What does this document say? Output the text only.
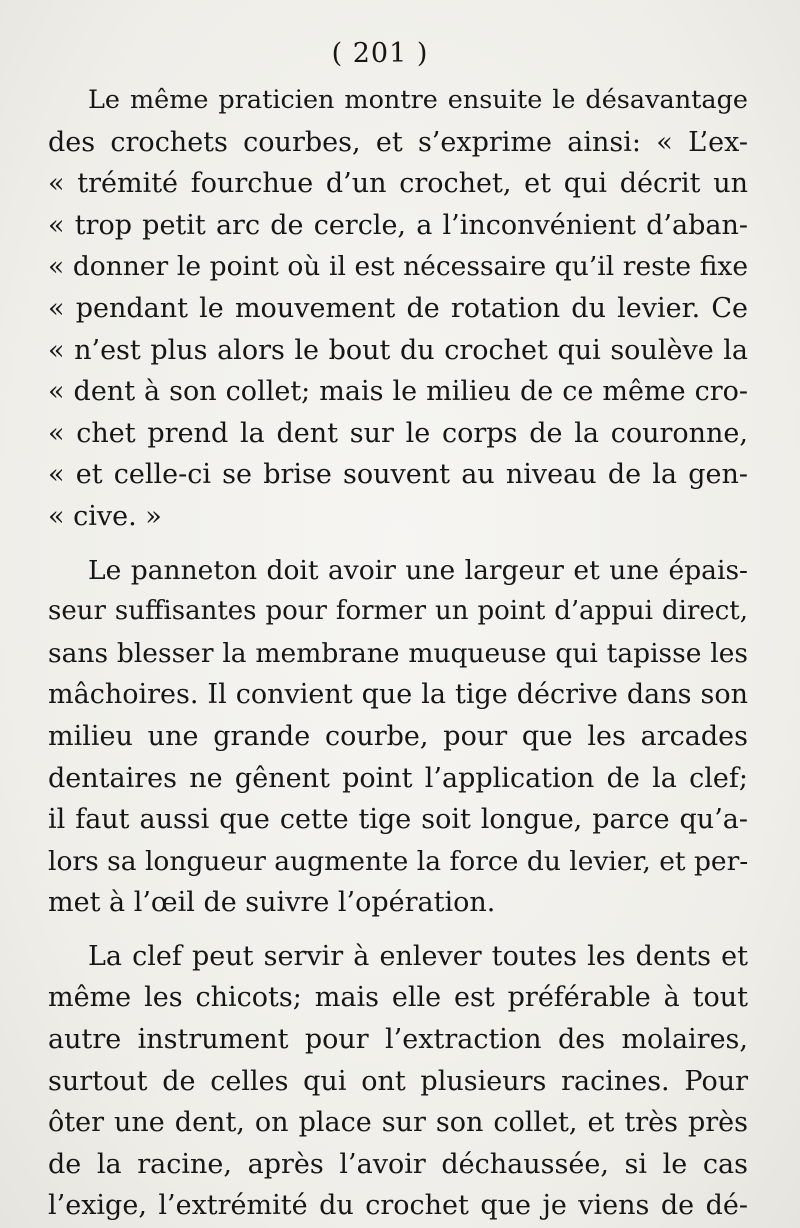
( 201 )
Le même praticien montre ensuite le désavantage
des crochets courbes, et s’exprime ainsi: « L’ex-
« trémité fourchue d’un crochet, et qui décrit un
« trop petit arc de cercle, a l’inconvénient d’aban-
« donner le point où il est nécessaire qu’il reste fixe
« pendant le mouvement de rotation du levier. Ce
« n’est plus alors le bout du crochet qui soulève la
« dent à son collet; mais le milieu de ce même cro-
« chet prend la dent sur le corps de la couronne,
« et celle-ci se brise souvent au niveau de la gen-
« cive. »
Le panneton doit avoir une largeur et une épais-
seur suffisantes pour former un point d’appui direct,
sans blesser la membrane muqueuse qui tapisse les
mâchoires. Il convient que la tige décrive dans son
milieu une grande courbe, pour que les arcades
dentaires ne gênent point l’application de la clef;
il faut aussi que cette tige soit longue, parce qu’a-
lors sa longueur augmente la force du levier, et per-
met à l’œil de suivre l’opération.
La clef peut servir à enlever toutes les dents et
même les chicots; mais elle est préférable à tout
autre instrument pour l’extraction des molaires,
surtout de celles qui ont plusieurs racines. Pour
ôter une dent, on place sur son collet, et très près
de la racine, après l’avoir déchaussée, si le cas
l’exige, l’extrémité du crochet que je viens de dé-
